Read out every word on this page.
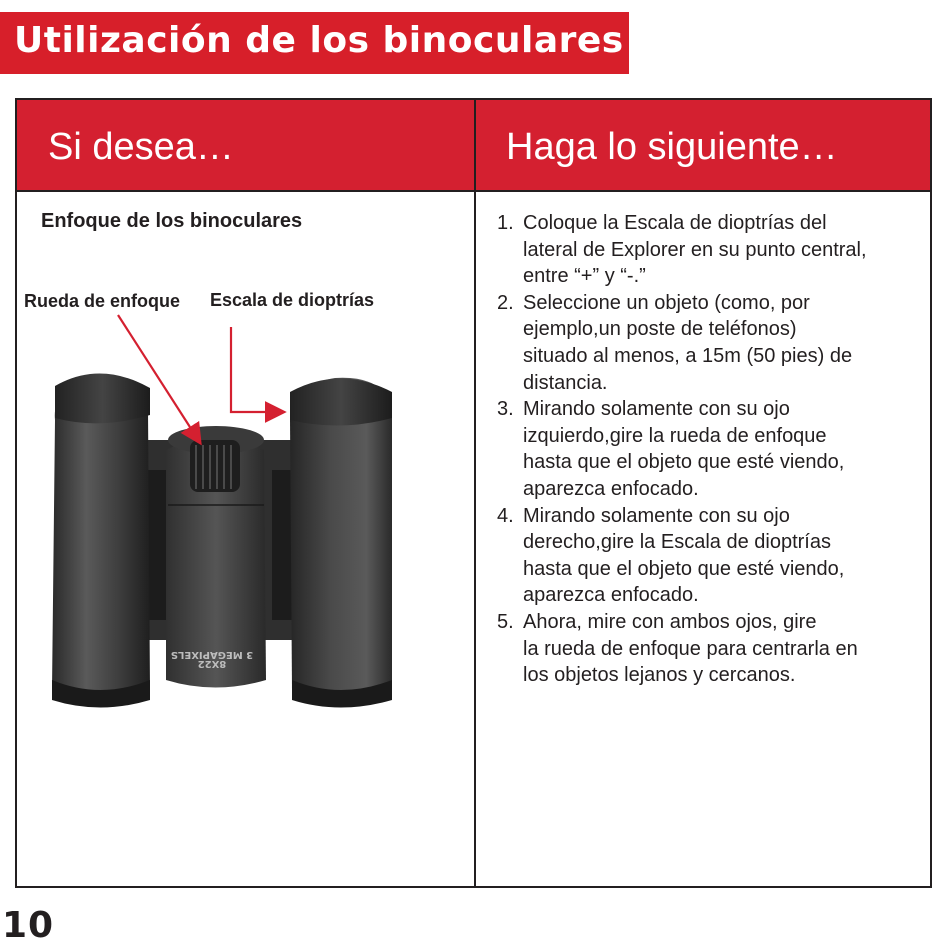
Utilización de los binoculares
Si desea…	Haga lo siguiente…
Enfoque de los binoculares	1. Coloque la Escala de dioptrías del
lateral de Explorer en su punto central,
entre “+” y “-.”
2. Seleccione un objeto (como, por
ejemplo,un poste de teléfonos)
situado al menos, a 15m (50 pies) de
distancia.
3. Mirando solamente con su ojo
izquierdo,gire la rueda de enfoque
hasta que el objeto que esté viendo,
aparezca enfocado.
4. Mirando solamente con su ojo
derecho,gire la Escala de dioptrías
hasta que el objeto que esté viendo,
aparezca enfocado.
5. Ahora, mire con ambos ojos, gire
la rueda de enfoque para centrarla en
los objetos lejanos y cercanos.
Rueda de enfoque Escala de dioptrías
3 MEGAPIXELS
8X22
10
